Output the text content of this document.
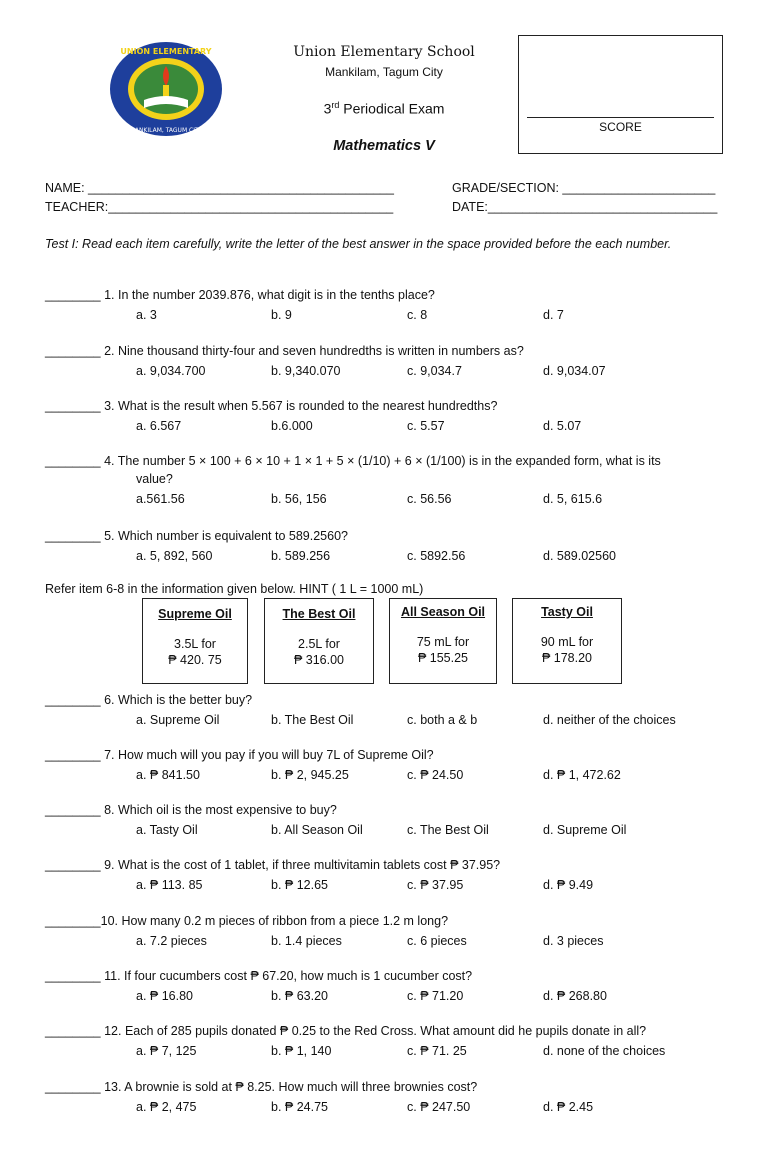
UNION ELEMENTARY
MANKILAM, TAGUM CITY
Union Elementary School
Mankilam, Tagum City
3rd Periodical Exam
Mathematics V
SCORE
NAME: ____________________________________________	GRADE/SECTION: ______________________
TEACHER:_________________________________________	DATE:_________________________________
Test I: Read each item carefully, write the letter of the best answer in the space provided before the each number.
________ 1. In the number 2039.876, what digit is in the tenths place?
a. 3	b. 9	c. 8	d. 7
________ 2. Nine thousand thirty-four and seven hundredths is written in numbers as?
a. 9,034.700	b. 9,340.070	c. 9,034.7	d. 9,034.07
________ 3. What is the result when 5.567 is rounded to the nearest hundredths?
a. 6.567	b.6.000	c. 5.57	d. 5.07
________ 4. The number 5 × 100 + 6 × 10 + 1 × 1 + 5 × (1/10) + 6 × (1/100) is in the expanded form, what is its
value?
a.561.56	b. 56, 156	c. 56.56	d. 5, 615.6
________ 5. Which number is equivalent to 589.2560?
a. 5, 892, 560	b. 589.256	c. 5892.56	d. 589.02560
Refer item 6-8 in the information given below. HINT ( 1 L = 1000 mL)
Supreme Oil
3.5L for
₱ 420. 75
The Best Oil
2.5L for
₱ 316.00
All Season Oil
75 mL for
₱ 155.25
Tasty Oil
90 mL for
₱ 178.20
________ 6. Which is the better buy?
a. Supreme Oil	b. The Best Oil	c. both a & b	d. neither of the choices
________ 7. How much will you pay if you will buy 7L of Supreme Oil?
a. ₱ 841.50	b. ₱ 2, 945.25	c. ₱ 24.50	d. ₱ 1, 472.62
________ 8. Which oil is the most expensive to buy?
a. Tasty Oil	b. All Season Oil	c. The Best Oil	d. Supreme Oil
________ 9. What is the cost of 1 tablet, if three multivitamin tablets cost ₱ 37.95?
a. ₱ 113. 85	b. ₱ 12.65	c. ₱ 37.95	d. ₱ 9.49
________10. How many 0.2 m pieces of ribbon from a piece 1.2 m long?
a. 7.2 pieces	b. 1.4 pieces	c. 6 pieces	d. 3 pieces
________ 11. If four cucumbers cost ₱ 67.20, how much is 1 cucumber cost?
a. ₱ 16.80	b. ₱ 63.20	c. ₱ 71.20	d. ₱ 268.80
________ 12. Each of 285 pupils donated ₱ 0.25 to the Red Cross. What amount did he pupils donate in all?
a. ₱ 7, 125	b. ₱ 1, 140	c. ₱ 71. 25	d. none of the choices
________ 13. A brownie is sold at ₱ 8.25. How much will three brownies cost?
a. ₱ 2, 475	b. ₱ 24.75	c. ₱ 247.50	d. ₱ 2.45
